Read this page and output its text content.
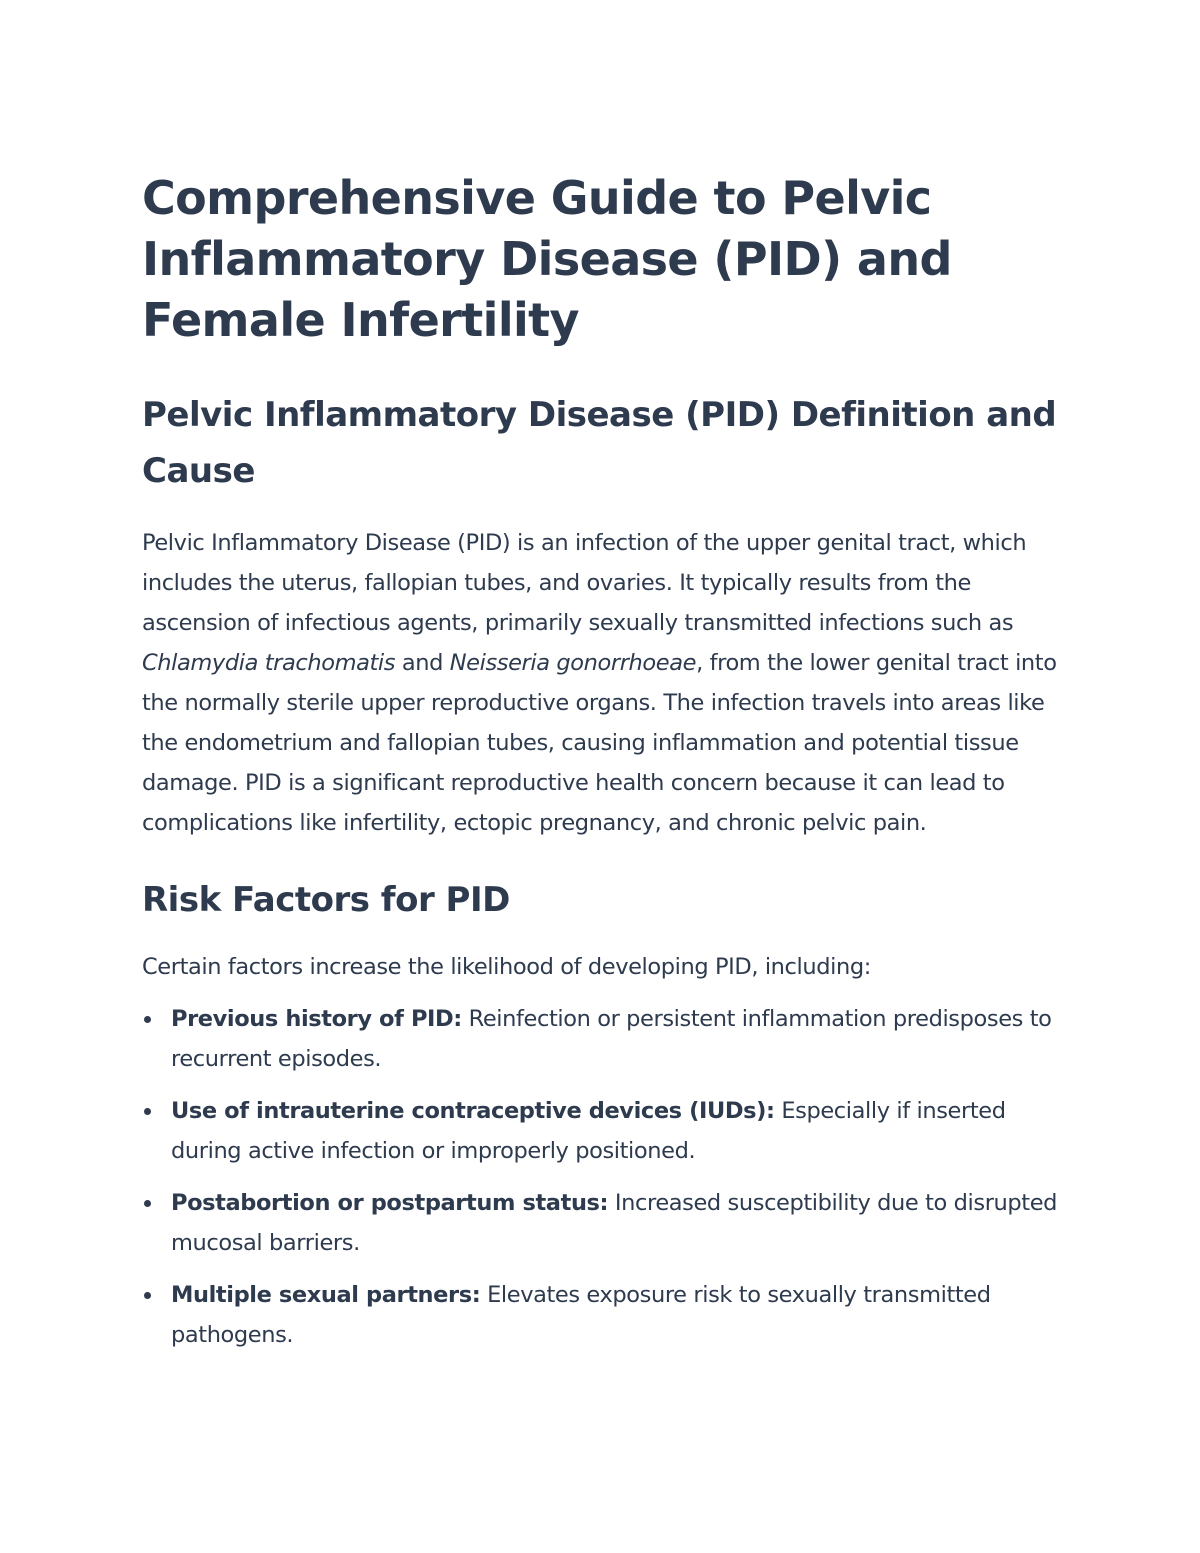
Comprehensive Guide to Pelvic Inflammatory Disease (PID) and Female Infertility
Pelvic Inflammatory Disease (PID) Definition and Cause

Pelvic Inflammatory Disease (PID) is an infection of the upper genital tract, which includes the uterus, fallopian tubes, and ovaries. It typically results from the ascension of infectious agents, primarily sexually transmitted infections such as Chlamydia trachomatis and Neisseria gonorrhoeae, from the lower genital tract into the normally sterile upper reproductive organs. The infection travels into areas like the endometrium and fallopian tubes, causing inflammation and potential tissue damage. PID is a significant reproductive health concern because it can lead to complications like infertility, ectopic pregnancy, and chronic pelvic pain.

Risk Factors for PID

Certain factors increase the likelihood of developing PID, including:

Previous history of PID: Reinfection or persistent inflammation predisposes to recurrent episodes.
Use of intrauterine contraceptive devices (IUDs): Especially if inserted during active infection or improperly positioned.
Postabortion or postpartum status: Increased susceptibility due to disrupted mucosal barriers.
Multiple sexual partners: Elevates exposure risk to sexually transmitted pathogens.
